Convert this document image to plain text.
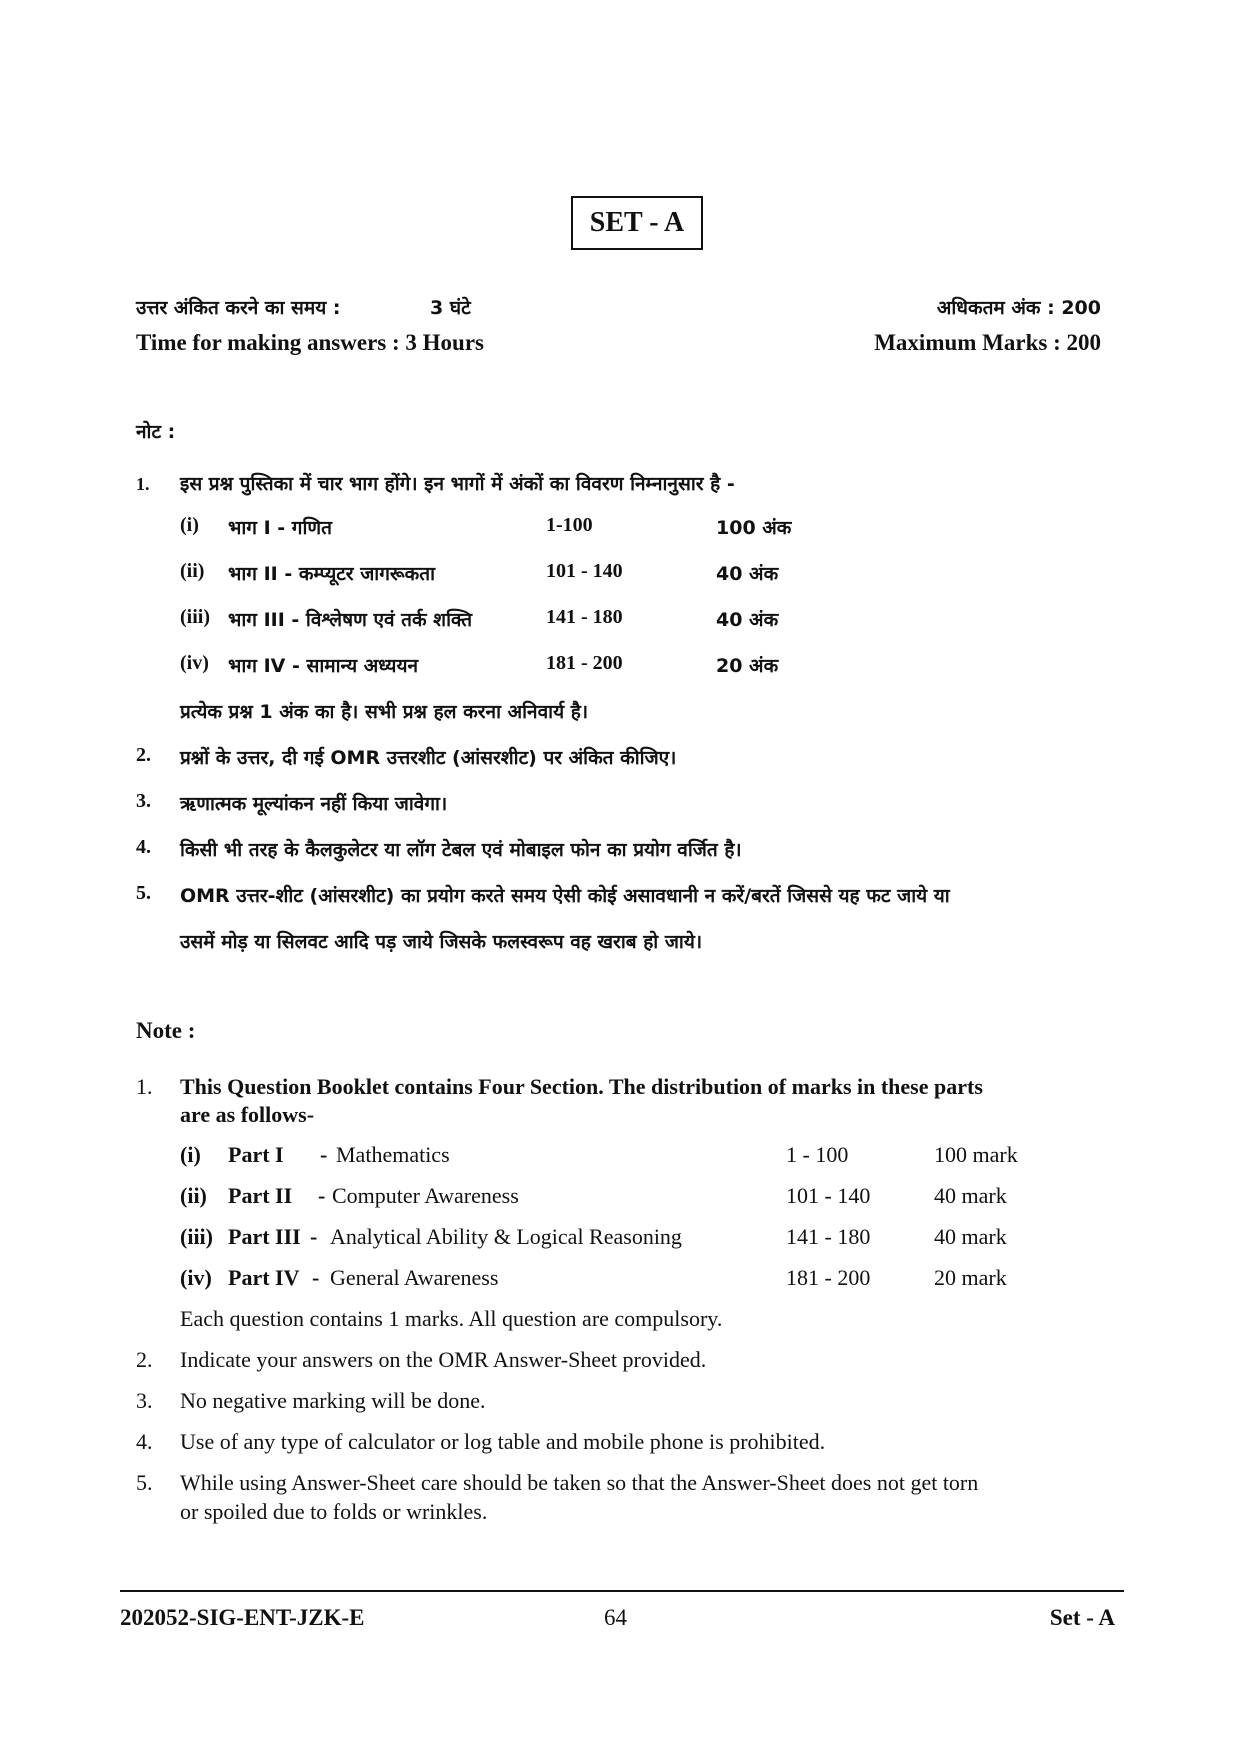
SET - A
उत्तर अंकित करने का समय :	3 घंटे	अधिकतम अंक : 200
Time for making answers : 3 Hours	Maximum Marks : 200
नोट :
1. इस प्रश्न पुस्तिका में चार भाग होंगे। इन भागों में अंकों का विवरण निम्नानुसार है -
(i) भाग I - गणित	1-100	100 अंक
(ii) भाग II - कम्प्यूटर जागरूकता	101 - 140	40 अंक
(iii) भाग III - विश्लेषण एवं तर्क शक्ति	141 - 180	40 अंक
(iv) भाग IV - सामान्य अध्ययन	181 - 200	20 अंक
प्रत्येक प्रश्न 1 अंक का है। सभी प्रश्न हल करना अनिवार्य है।
2. प्रश्नों के उत्तर, दी गई OMR उत्तरशीट (आंसरशीट) पर अंकित कीजिए।
3. ऋणात्मक मूल्यांकन नहीं किया जावेगा।
4. किसी भी तरह के कैलकुलेटर या लॉग टेबल एवं मोबाइल फोन का प्रयोग वर्जित है।
5. OMR उत्तर-शीट (आंसरशीट) का प्रयोग करते समय ऐसी कोई असावधानी न करें/बरतें जिससे यह फट जाये या
उसमें मोड़ या सिलवट आदि पड़ जाये जिसके फलस्वरूप वह खराब हो जाये।
Note :
1. This Question Booklet contains Four Section. The distribution of marks in these parts
are as follows-
(i) Part I - Mathematics	1 - 100	100 mark
(ii) Part II - Computer Awareness	101 - 140	40 mark
(iii) Part III - Analytical Ability & Logical Reasoning	141 - 180	40 mark
(iv) Part IV - General Awareness	181 - 200	20 mark
Each question contains 1 marks. All question are compulsory.
2. Indicate your answers on the OMR Answer-Sheet provided.
3. No negative marking will be done.
4. Use of any type of calculator or log table and mobile phone is prohibited.
5. While using Answer-Sheet care should be taken so that the Answer-Sheet does not get torn
or spoiled due to folds or wrinkles.
202052-SIG-ENT-JZK-E	64	Set - A
